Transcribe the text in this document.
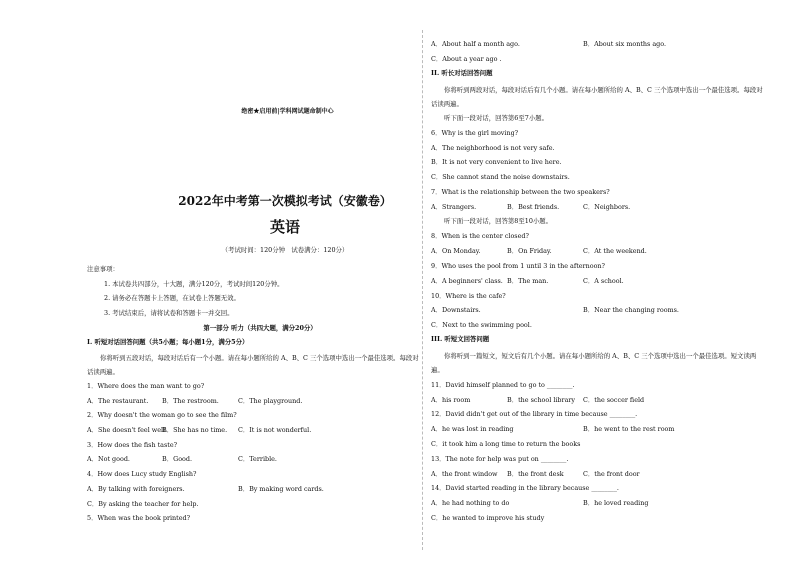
绝密★启用前|学科网试题命制中心
2022年中考第一次模拟考试（安徽卷）
英语
（考试时间：120分钟　试卷满分：120分）
注意事项：
1. 本试卷共四部分，十大题，满分120分，考试时间120分钟。
2. 请务必在答题卡上答题，在试卷上答题无效。
3. 考试结束后，请将试卷和答题卡一并交回。
第一部分 听力（共四大题，满分20分）
I. 听短对话回答问题（共5小题；每小题1分，满分5分）
你将听到五段对话，每段对话后有一个小题。请在每小题所给的 A、B、C 三个选项中选出一个最佳选项。每段对话读两遍。
1．Where does the man want to go?
A．The restaurant. B．The restroom.	C．The playground.
2．Why doesn't the woman go to see the film?
A．She doesn't feel well.
B．She has no time. C．It is not wonderful.
3．How does the fish taste?
A．Not good.	B．Good.	C．Terrible.
4．How does Lucy study English?
A．By talking with foreigners.	B．By making word cards.
C．By asking the teacher for help.
5．When was the book printed?
A．About half a month ago.	B．About six months ago.
C．About a year ago .
II. 听长对话回答问题
你将听到两段对话，每段对话后有几个小题。请在每小题所给的 A、B、C 三个选项中选出一个最佳选项。每段对话读两遍。
听下面一段对话，回答第6至7小题。
6．Why is the girl moving?
A．The neighborhood is not very safe.
B．It is not very convenient to live here.
C．She cannot stand the noise downstairs.
7．What is the relationship between the two speakers?
A．Strangers.	B．Best friends.	C．Neighbors.
听下面一段对话，回答第8至10小题。
8．When is the center closed?
A．On Monday.	B．On Friday.	C．At the weekend.
9．Who uses the pool from 1 until 3 in the afternoon?
A．A beginners' class. B．The man.	C．A school.
10．Where is the cafe?
A．Downstairs.	B．Near the changing rooms.
C．Next to the swimming pool.
III. 听短文回答问题
你将听到一篇短文，短文后有几个小题。请在每小题所给的 A、B、C 三个选项中选出一个最佳选项。短文读两遍。
11．David himself planned to go to ________.
A．his room	B．the school library C．the soccer field
12．David didn't get out of the library in time because ________.
A．he was lost in reading	B．he went to the rest room
C．it took him a long time to return the books
13．The note for help was put on ________.
A．the front window B．the front desk	C．the front door
14．David started reading in the library because ________.
A．he had nothing to do	B．he loved reading
C．he wanted to improve his study
